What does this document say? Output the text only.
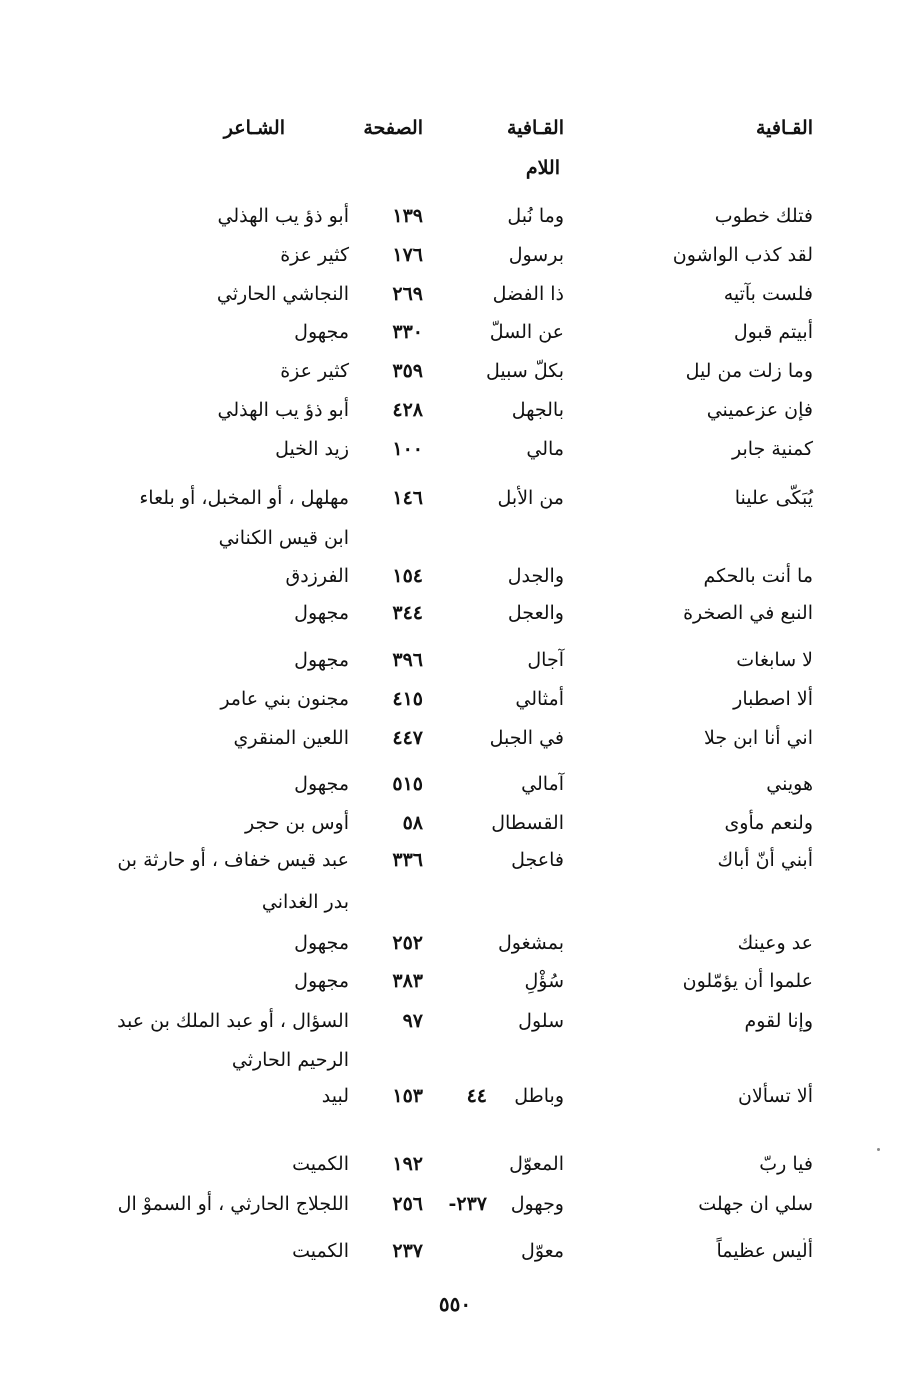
القـافية
القـافية
الصفحة
الشـاعر
اللام
فتلك خطوب
وما نُبل
١٣٩
أبو ذؤ يب الهذلي
لقد كذب الواشون
برسول
١٧٦
كثير عزة
فلست بآتيه
ذا الفضل
٢٦٩
النجاشي الحارثي
أبيتم قبول
عن السلّ
٣٣٠
مجهول
وما زلت من ليل
بكلّ سبيل
٣٥٩
كثير عزة
فإن عزعميني
بالجهل
٤٢٨
أبو ذؤ يب الهذلي
كمنية جابر
مالي
١٠٠
زيد الخيل
يُبَكّى علينا
من الأبل
١٤٦
مهلهل ، أو المخبل، أو بلعاء
ابن قيس الكناني
ما أنت بالحكم
والجدل
١٥٤
الفرزدق
النبع في الصخرة
والعجل
٣٤٤
مجهول
لا سابغات
آجال
٣٩٦
مجهول
ألا اصطبار
أمثالي
٤١٥
مجنون بني عامر
اني أنا ابن جلا
في الجبل
٤٤٧
اللعين المنقري
هويني
آمالي
٥١٥
مجهول
ولنعم مأوى
القسطال
٥٨
أوس بن حجر
أبني أنّ أباك
فاعجل
٣٣٦
عبد قيس خفاف ، أو حارثة بن
بدر الغداني
عد وعينك
بمشغول
٢٥٢
مجهول
علموا أن يؤمّلون
سُؤْلِ
٣٨٣
مجهول
وإنا لقوم
سلول
٩٧
السؤال ، أو عبد الملك بن عبد
الرحيم الحارثي
ألا تسألان
وباطل
٤٤
١٥٣
لبيد
فيا ربّ
المعوّل
١٩٢
الكميت
سلي ان جهلت
وجهول
٢٣٧-
٢٥٦
اللجلاج الحارثي ، أو السموْ ال
أليس عظيماً
معوّل
٢٣٧
الكميت
٥٥٠
